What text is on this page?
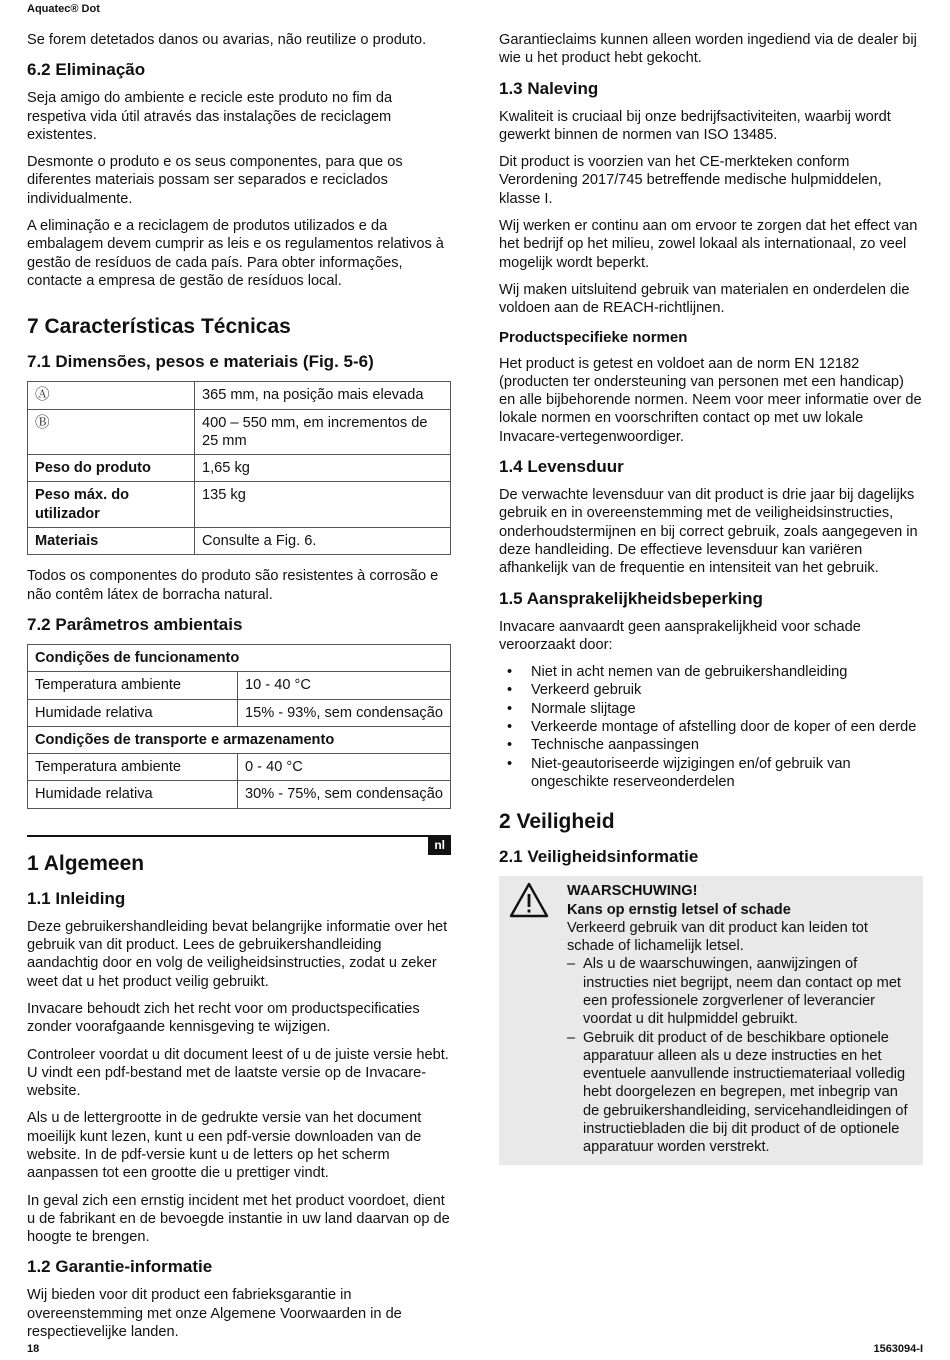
Aquatec® Dot

Se forem detetados danos ou avarias, não reutilize o produto.

6.2 Eliminação

Seja amigo do ambiente e recicle este produto no fim da respetiva vida útil através das instalações de reciclagem existentes.

Desmonte o produto e os seus componentes, para que os diferentes materiais possam ser separados e reciclados individualmente.

A eliminação e a reciclagem de produtos utilizados e da embalagem devem cumprir as leis e os regulamentos relativos à gestão de resíduos de cada país. Para obter informações, contacte a empresa de gestão de resíduos local.

7 Características Técnicas
7.1 Dimensões, pesos e materiais (Fig. 5-6)
Ⓐ	365 mm, na posição mais elevada
Ⓑ	400 – 550 mm, em incrementos de 25 mm
Peso do produto	1,65 kg
Peso máx. do utilizador	135 kg
Materiais	Consulte a Fig. 6.

Todos os componentes do produto são resistentes à corrosão e não contêm látex de borracha natural.

7.2 Parâmetros ambientais
Condições de funcionamento	
Temperatura ambiente	10 - 40 °C
Humidade relativa	15% - 93%, sem condensação
Condições de transporte e armazenamento	
Temperatura ambiente	0 - 40 °C
Humidade relativa	30% - 75%, sem condensação
nl
1 Algemeen
1.1 Inleiding

Deze gebruikershandleiding bevat belangrijke informatie over het gebruik van dit product. Lees de gebruikershandleiding aandachtig door en volg de veiligheidsinstructies, zodat u zeker weet dat u het product veilig gebruikt.

Invacare behoudt zich het recht voor om productspecificaties zonder voorafgaande kennisgeving te wijzigen.

Controleer voordat u dit document leest of u de juiste versie hebt. U vindt een pdf-bestand met de laatste versie op de Invacare-website.

Als u de lettergrootte in de gedrukte versie van het document moeilijk kunt lezen, kunt u een pdf-versie downloaden van de website. In de pdf-versie kunt u de letters op het scherm aanpassen tot een grootte die u prettiger vindt.

In geval zich een ernstig incident met het product voordoet, dient u de fabrikant en de bevoegde instantie in uw land daarvan op de hoogte te brengen.

1.2 Garantie-informatie

Wij bieden voor dit product een fabrieksgarantie in overeenstemming met onze Algemene Voorwaarden in de respectievelijke landen.

Garantieclaims kunnen alleen worden ingediend via de dealer bij wie u het product hebt gekocht.

1.3 Naleving

Kwaliteit is cruciaal bij onze bedrijfsactiviteiten, waarbij wordt gewerkt binnen de normen van ISO 13485.

Dit product is voorzien van het CE-merkteken conform Verordening 2017/745 betreffende medische hulpmiddelen, klasse I.

Wij werken er continu aan om ervoor te zorgen dat het effect van het bedrijf op het milieu, zowel lokaal als internationaal, zo veel mogelijk wordt beperkt.

Wij maken uitsluitend gebruik van materialen en onderdelen die voldoen aan de REACH-richtlijnen.

Productspecifieke normen

Het product is getest en voldoet aan de norm EN 12182 (producten ter ondersteuning van personen met een handicap) en alle bijbehorende normen. Neem voor meer informatie over de lokale normen en voorschriften contact op met uw lokale Invacare-vertegenwoordiger.

1.4 Levensduur

De verwachte levensduur van dit product is drie jaar bij dagelijks gebruik en in overeenstemming met de veiligheidsinstructies, onderhoudstermijnen en bij correct gebruik, zoals aangegeven in deze handleiding. De effectieve levensduur kan variëren afhankelijk van de frequentie en intensiteit van het gebruik.

1.5 Aansprakelijkheidsbeperking

Invacare aanvaardt geen aansprakelijkheid voor schade veroorzaakt door:

• Niet in acht nemen van de gebruikershandleiding
• Verkeerd gebruik
• Normale slijtage
• Verkeerde montage of afstelling door de koper of een derde
• Technische aanpassingen
• Niet-geautoriseerde wijzigingen en/of gebruik van ongeschikte reserveonderdelen
2 Veiligheid
2.1 Veiligheidsinformatie

WAARSCHUWING!

Kans op ernstig letsel of schade

Verkeerd gebruik van dit product kan leiden tot schade of lichamelijk letsel.

– Als u de waarschuwingen, aanwijzingen of instructies niet begrijpt, neem dan contact op met een professionele zorgverlener of leverancier voordat u dit hulpmiddel gebruikt.
– Gebruik dit product of de beschikbare optionele apparatuur alleen als u deze instructies en het eventuele aanvullende instructiemateriaal volledig hebt doorgelezen en begrepen, met inbegrip van de gebruikershandleiding, servicehandleidingen of instructiebladen die bij dit product of de optionele apparatuur worden verstrekt.
18	1563094-I
